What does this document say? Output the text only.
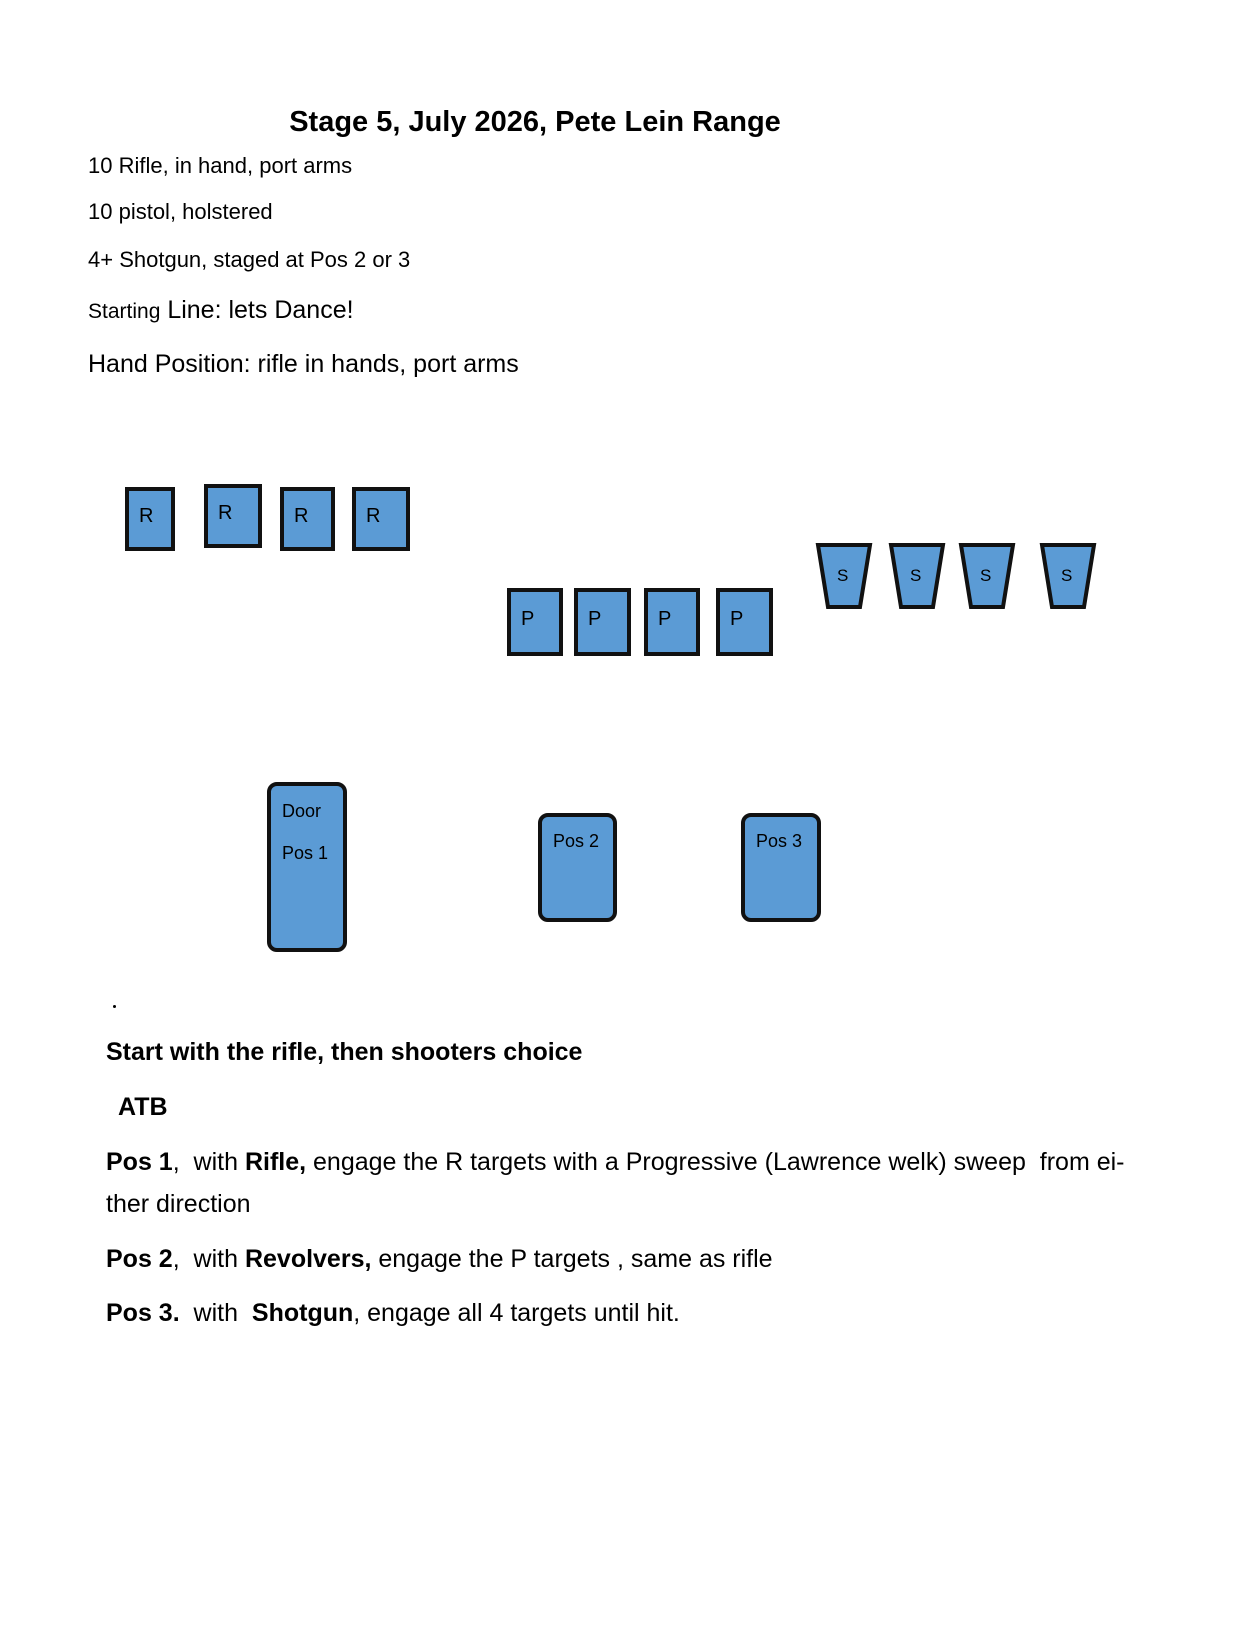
Stage 5, July 2026, Pete Lein Range
10 Rifle, in hand, port arms
10 pistol, holstered
4+ Shotgun, staged at Pos 2 or 3
Starting Line: lets Dance!
Hand Position: rifle in hands, port arms
R	R	R	R
P	P	P	P
S	S	S	S
Door
Pos 1
Pos 2	Pos 3
Start with the rifle, then shooters choice
ATB
Pos 1,  with Rifle, engage the R targets with a Progressive (Lawrence welk) sweep  from ei-
ther direction
Pos 2,  with Revolvers, engage the P targets , same as rifle
Pos 3.  with  Shotgun, engage all 4 targets until hit.
